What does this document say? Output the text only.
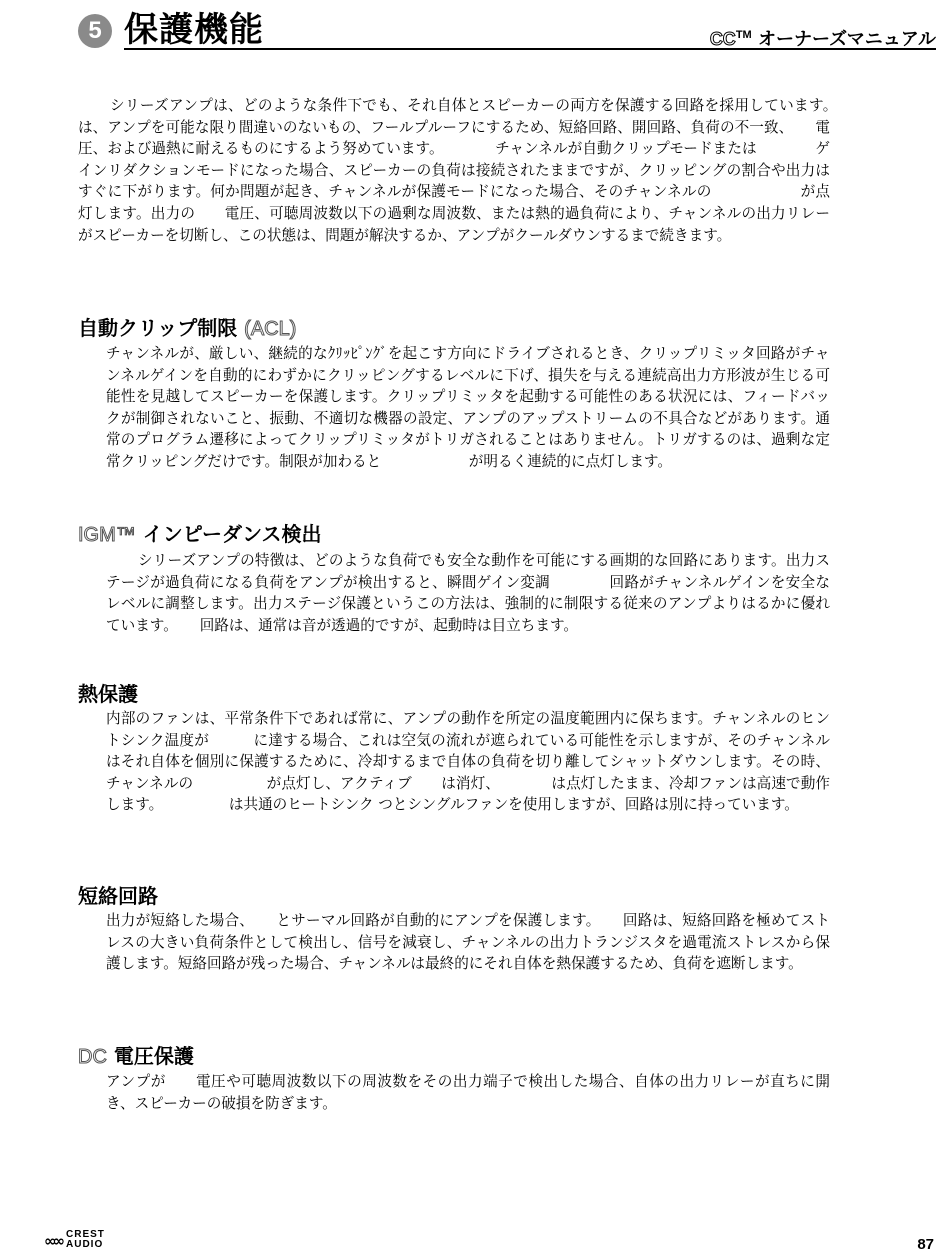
5 保護機能	CC™ オーナーズマニュアル

シリーズアンプは、どのような条件下でも、それ自体とスピーカーの両方を保護する回路を採用しています。　　　　　は、アンプを可能な限り間違いのないもの、フールプルーフにするため、短絡回路、開回路、負荷の不一致、　　電圧、および過熱に耐えるものにするよう努めています。　　　　チャンネルが自動クリップモードまたは　　　　ゲインリダクションモードになった場合、スピーカーの負荷は接続されたままですが、クリッピングの割合や出力はすぐに下がります。何か問題が起き、チャンネルが保護モードになった場合、そのチャンネルの　　　　　　が点灯します。出力の　　電圧、可聴周波数以下の過剰な周波数、または熱的過負荷により、チャンネルの出力リレーがスピーカーを切断し、この状態は、問題が解決するか、アンプがクールダウンするまで続きます。

自動クリップ制限 (ACL)

チャンネルが、厳しい、継続的なｸﾘｯﾋﾟﾝｸﾞを起こす方向にドライブされるとき、クリップリミッタ回路がチャンネルゲインを自動的にわずかにクリッピングするレベルに下げ、損失を与える連続高出力方形波が生じる可能性を見越してスピーカーを保護します。クリップリミッタを起動する可能性のある状況には、フィードバックが制御されないこと、振動、不適切な機器の設定、アンプのアップストリームの不具合などがあります。通常のプログラム遷移によってクリップリミッタがトリガされることはありません。トリガするのは、過剰な定常クリッピングだけです。制限が加わると　　　　　　が明るく連続的に点灯します。

IGM™ インピーダンス検出

シリーズアンプの特徴は、どのような負荷でも安全な動作を可能にする画期的な回路にあります。出力ステージが過負荷になる負荷をアンプが検出すると、瞬間ゲイン変調　　　　回路がチャンネルゲインを安全なレベルに調整します。出力ステージ保護というこの方法は、強制的に制限する従来のアンプよりはるかに優れています。　　回路は、通常は音が透過的ですが、起動時は目立ちます。

熱保護

内部のファンは、平常条件下であれば常に、アンプの動作を所定の温度範囲内に保ちます。チャンネルのヒントシンク温度が　　　に達する場合、これは空気の流れが遮られている可能性を示しますが、そのチャンネルはそれ自体を個別に保護するために、冷却するまで自体の負荷を切り離してシャットダウンします。その時、チャンネルの　　　　　が点灯し、アクティブ　　は消灯、　　　　は点灯したまま、冷却ファンは高速で動作します。　　　　　は共通のヒートシンク つとシングルファンを使用しますが、回路は別に持っています。

短絡回路

出力が短絡した場合、　　とサーマル回路が自動的にアンプを保護します。　　回路は、短絡回路を極めてストレスの大きい負荷条件として検出し、信号を減衰し、チャンネルの出力トランジスタを過電流ストレスから保護します。短絡回路が残った場合、チャンネルは最終的にそれ自体を熱保護するため、負荷を遮断します。

DC 電圧保護

アンプが　　電圧や可聴周波数以下の周波数をその出力端子で検出した場合、自体の出力リレーが直ちに開き、スピーカーの破損を防ぎます。

∞∞ CREST
AUDIO	87
